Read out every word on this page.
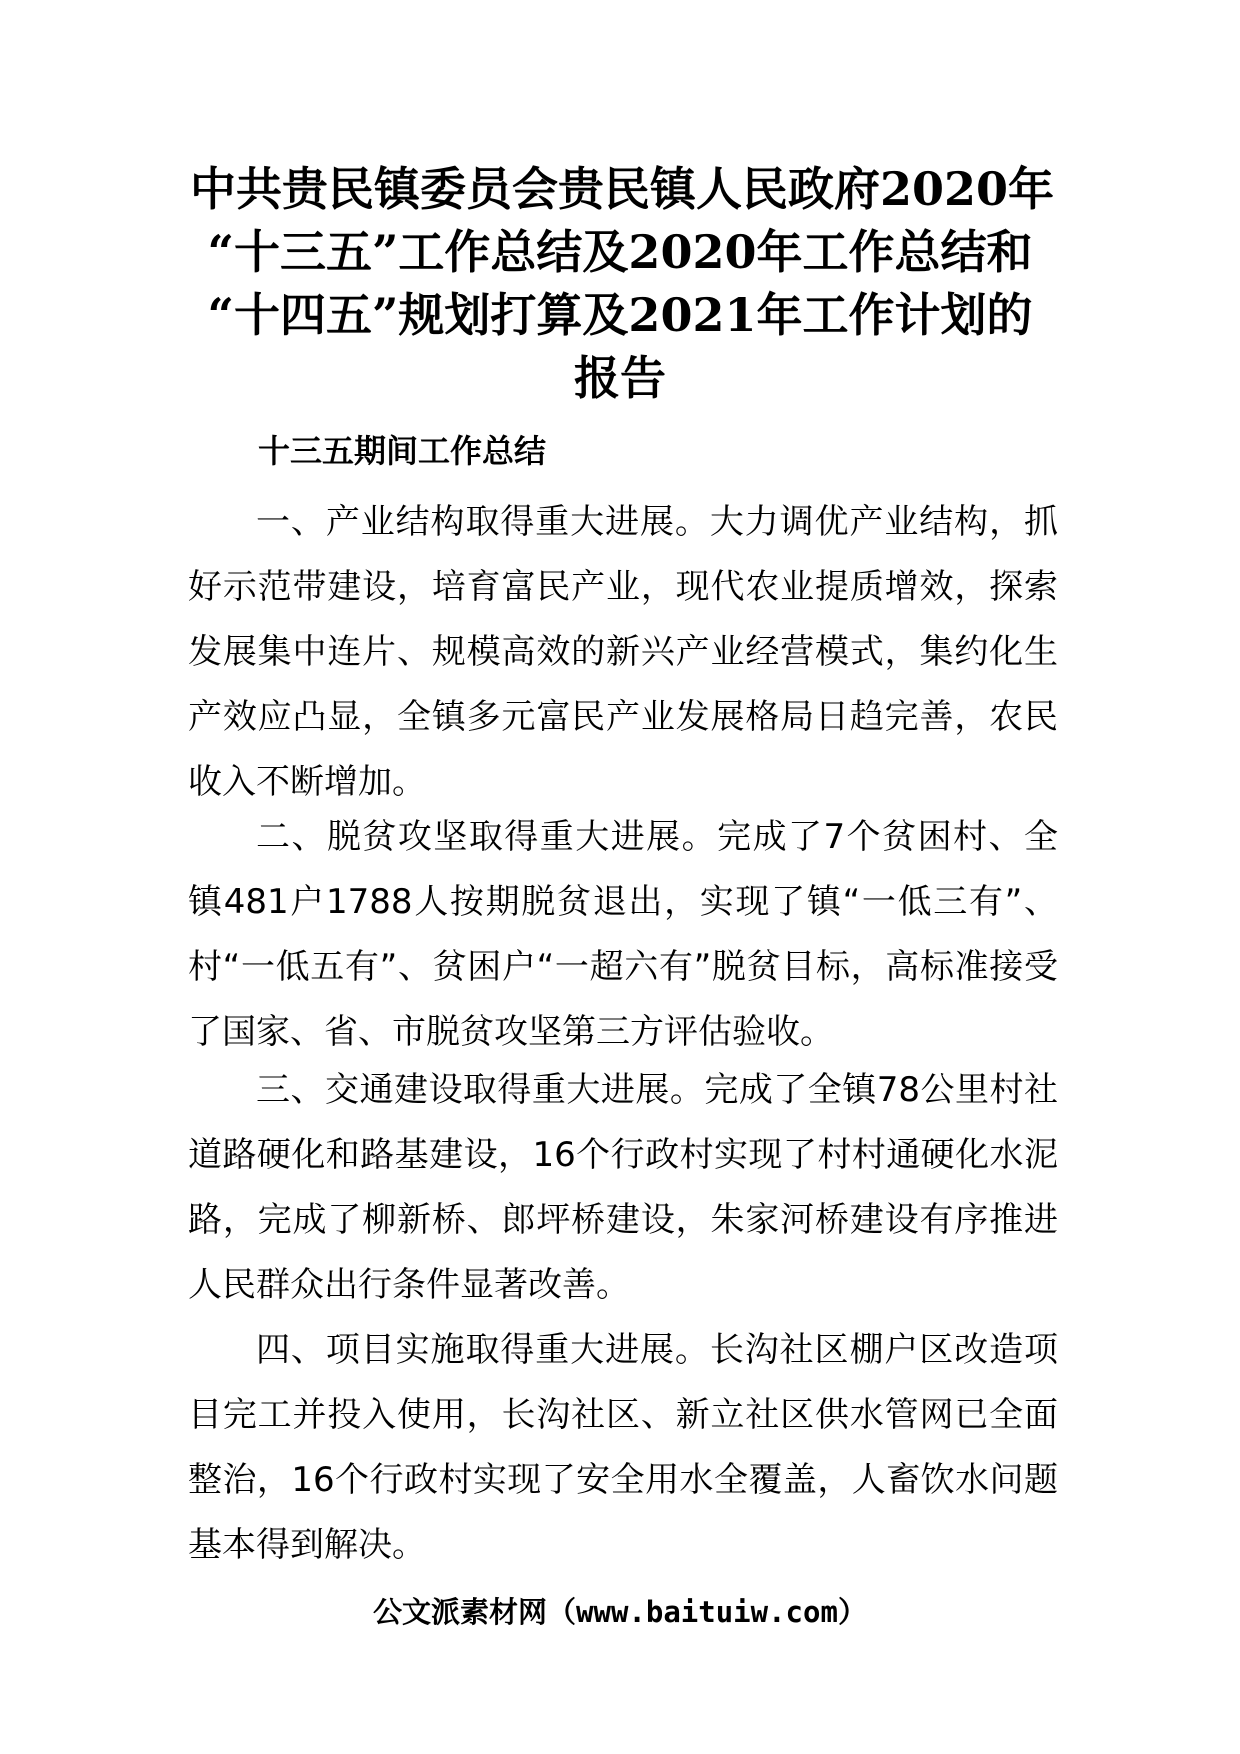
中共贵民镇委员会贵民镇人民政府2020年
“十三五”工作总结及2020年工作总结和
“十四五”规划打算及2021年工作计划的
报告
十三五期间工作总结

一、产业结构取得重大进展。大力调优产业结构，抓好示范带建设，培育富民产业，现代农业提质增效，探索发展集中连片、规模高效的新兴产业经营模式，集约化生产效应凸显，全镇多元富民产业发展格局日趋完善，农民收入不断增加。

二、脱贫攻坚取得重大进展。完成了7个贫困村、全镇481户1788人按期脱贫退出，实现了镇“一低三有”、村“一低五有”、贫困户“一超六有”脱贫目标，高标准接受了国家、省、市脱贫攻坚第三方评估验收。

三、交通建设取得重大进展。完成了全镇78公里村社道路硬化和路基建设，16个行政村实现了村村通硬化水泥路，完成了柳新桥、郎坪桥建设，朱家河桥建设有序推进人民群众出行条件显著改善。

四、项目实施取得重大进展。长沟社区棚户区改造项目完工并投入使用，长沟社区、新立社区供水管网已全面整治，16个行政村实现了安全用水全覆盖，人畜饮水问题基本得到解决。

公文派素材网（www.baituiw.com）
